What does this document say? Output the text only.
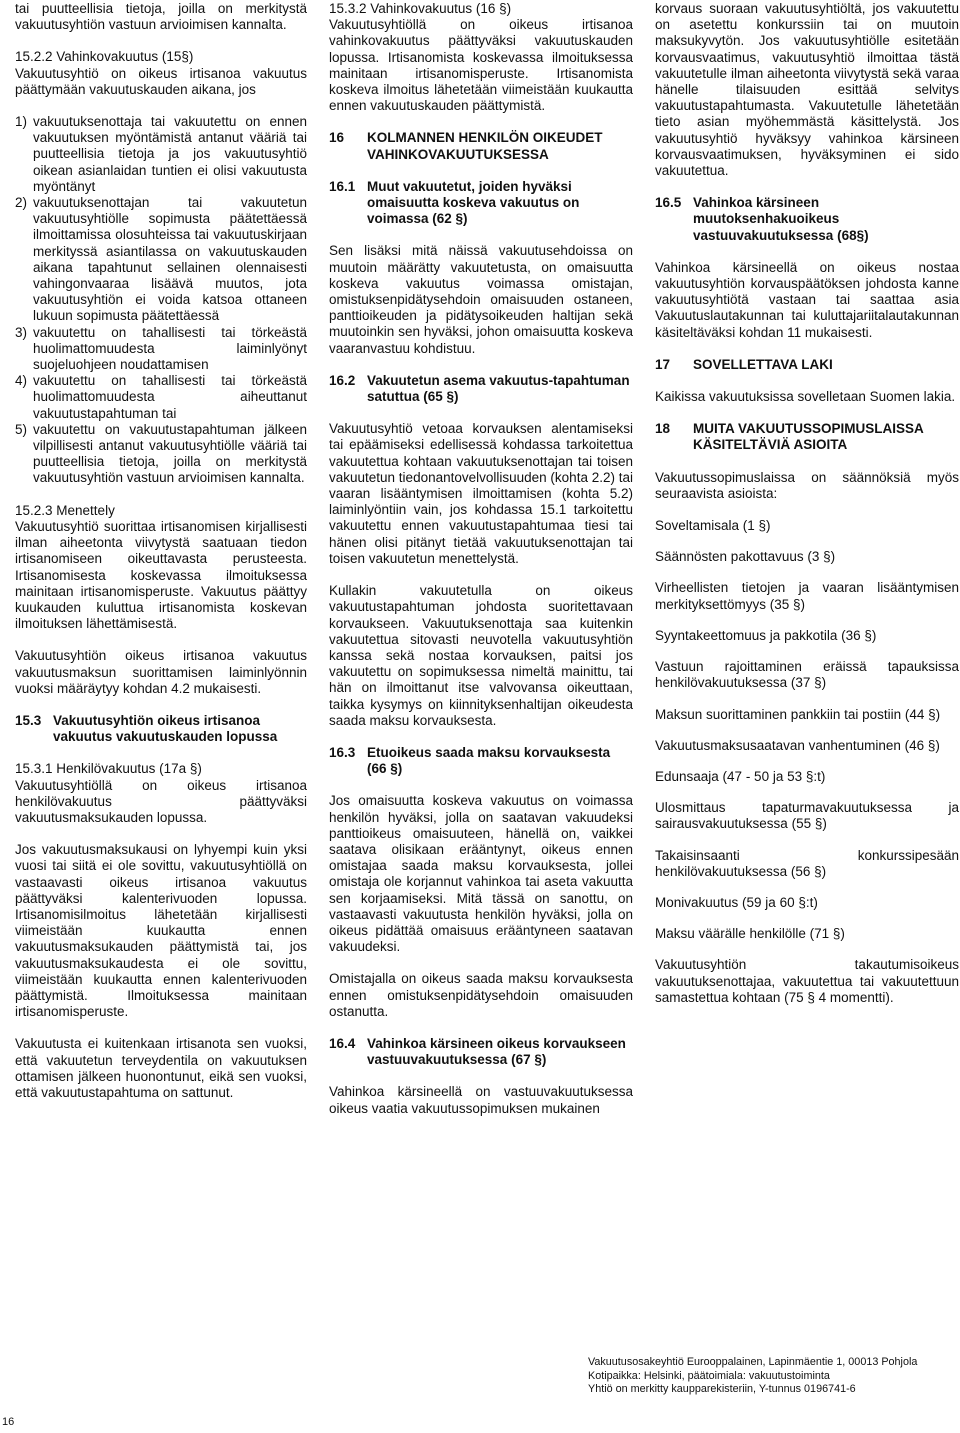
tai puutteellisia tietoja, joilla on merkitystä vakuutusyhtiön vastuun arvioimisen kannalta.

15.2.2 Vahinkovakuutus (15§)

Vakuutusyhtiö on oikeus irtisanoa vakuutus päättymään vakuutuskauden aikana, jos

1) vakuutuksenottaja tai vakuutettu on ennen vakuutuksen myöntämistä antanut vääriä tai puutteellisia tietoja ja jos vakuutusyhtiö oikean asianlaidan tuntien ei olisi vakuutusta myöntänyt
2) vakuutuksenottajan tai vakuutetun vakuutusyhtiölle sopimusta päätettäessä ilmoittamissa olosuhteissa tai vakuutuskirjaan merkityssä asiantilassa on vakuutuskauden aikana tapahtunut sellainen olennaisesti vahingonvaaraa lisäävä muutos, jota vakuutusyhtiön ei voida katsoa ottaneen lukuun sopimusta päätettäessä
3) vakuutettu on tahallisesti tai törkeästä huolimattomuudesta laiminlyönyt suojeluohjeen noudattamisen
4) vakuutettu on tahallisesti tai törkeästä huolimattomuudesta aiheuttanut vakuutustapahtuman tai
5) vakuutettu on vakuutustapahtuman jälkeen vilpillisesti antanut vakuutusyhtiölle vääriä tai puutteellisia tietoja, joilla on merkitystä vakuutusyhtiön vastuun arvioimisen kannalta.

15.2.3 Menettely

Vakuutusyhtiö suorittaa irtisanomisen kirjallisesti ilman aiheetonta viivytystä saatuaan tiedon irtisanomiseen oikeuttavasta perusteesta. Irtisanomisesta koskevassa ilmoituksessa mainitaan irtisanomisperuste. Vakuutus päättyy kuukauden kuluttua irtisanomista koskevan ilmoituksen lähettämisestä.

Vakuutusyhtiön oikeus irtisanoa vakuutus vakuutusmaksun suorittamisen laiminlyönnin vuoksi määräytyy kohdan 4.2 mukaisesti.

15.3 Vakuutusyhtiön oikeus irtisanoa vakuutus vakuutuskauden lopussa

15.3.1 Henkilövakuutus (17a §)

Vakuutusyhtiöllä on oikeus irtisanoa henkilövakuutus päättyväksi vakuutusmaksukauden lopussa.

Jos vakuutusmaksukausi on lyhyempi kuin yksi vuosi tai siitä ei ole sovittu, vakuutusyhtiöllä on vastaavasti oikeus irtisanoa vakuutus päättyväksi kalenterivuoden lopussa. Irtisanomisilmoitus lähetetään kirjallisesti viimeistään kuukautta ennen vakuutusmaksukauden päättymistä tai, jos vakuutusmaksukaudesta ei ole sovittu, viimeistään kuukautta ennen kalenterivuoden päättymistä. Ilmoituksessa mainitaan irtisanomisperuste.

Vakuutusta ei kuitenkaan irtisanota sen vuoksi, että vakuutetun terveydentila on vakuutuksen ottamisen jälkeen huonontunut, eikä sen vuoksi, että vakuutustapahtuma on sattunut.

15.3.2 Vahinkovakuutus (16 §)

Vakuutusyhtiöllä on oikeus irtisanoa vahinkovakuutus päättyväksi vakuutuskauden lopussa. Irtisanomista koskevassa ilmoituksessa mainitaan irtisanomisperuste. Irtisanomista koskeva ilmoitus lähetetään viimeistään kuukautta ennen vakuutuskauden päättymistä.

16 KOLMANNEN HENKILÖN OIKEUDET VAHINKOVAKUUTUKSESSA
16.1 Muut vakuutetut, joiden hyväksi omaisuutta koskeva vakuutus on voimassa (62 §)

Sen lisäksi mitä näissä vakuutusehdoissa on muutoin määrätty vakuutetusta, on omaisuutta koskeva vakuutus voimassa omistajan, omistuksenpidätysehdoin omaisuuden ostaneen, panttioikeuden ja pidätysoikeuden haltijan sekä muutoinkin sen hyväksi, johon omaisuutta koskeva vaaranvastuu kohdistuu.

16.2 Vakuutetun asema vakuutus-tapahtuman satuttua (65 §)

Vakuutusyhtiö vetoaa korvauksen alentamiseksi tai epäämiseksi edellisessä kohdassa tarkoitettua vakuutettua kohtaan vakuutuksenottajan tai toisen vakuutetun tiedonantovelvollisuuden (kohta 2.2) tai vaaran lisääntymisen ilmoittamisen (kohta 5.2) laiminlyöntiin vain, jos kohdassa 15.1 tarkoitettu vakuutettu ennen vakuutustapahtumaa tiesi tai hänen olisi pitänyt tietää vakuutuksenottajan tai toisen vakuutetun menettelystä.

Kullakin vakuutetulla on oikeus vakuutustapahtuman johdosta suoritettavaan korvaukseen. Vakuutuksenottaja saa kuitenkin vakuutettua sitovasti neuvotella vakuutusyhtiön kanssa sekä nostaa korvauksen, paitsi jos vakuutettu on sopimuksessa nimeltä mainittu, tai hän on ilmoittanut itse valvovansa oikeuttaan, taikka kysymys on kiinnityksenhaltijan oikeudesta saada maksu korvauksesta.

16.3 Etuoikeus saada maksu korvauksesta (66 §)

Jos omaisuutta koskeva vakuutus on voimassa henkilön hyväksi, jolla on saatavan vakuudeksi panttioikeus omaisuuteen, hänellä on, vaikkei saatava olisikaan erääntynyt, oikeus ennen omistajaa saada maksu korvauksesta, jollei omistaja ole korjannut vahinkoa tai aseta vakuutta sen korjaamiseksi. Mitä tässä on sanottu, on vastaavasti vakuutusta henkilön hyväksi, jolla on oikeus pidättää omaisuus erääntyneen saatavan vakuudeksi.

Omistajalla on oikeus saada maksu korvauksesta ennen omistuksenpidätysehdoin omaisuuden ostanutta.

16.4 Vahinkoa kärsineen oikeus korvaukseen vastuuvakuutuksessa (67 §)

Vahinkoa kärsineellä on vastuuvakuutuksessa oikeus vaatia vakuutussopimuksen mukainen

korvaus suoraan vakuutusyhtiöltä, jos vakuutettu on asetettu konkurssiin tai on muutoin maksukyvytön. Jos vakuutusyhtiölle esitetään korvausvaatimus, vakuutusyhtiö ilmoittaa tästä vakuutetulle ilman aiheetonta viivytystä sekä varaa hänelle tilaisuuden esittää selvitys vakuutustapahtumasta. Vakuutetulle lähetetään tieto asian myöhemmästä käsittelystä. Jos vakuutusyhtiö hyväksyy vahinkoa kärsineen korvausvaatimuksen, hyväksyminen ei sido vakuutettua.

16.5 Vahinkoa kärsineen muutoksenhakuoikeus vastuuvakuutuksessa (68§)

Vahinkoa kärsineellä on oikeus nostaa vakuutusyhtiön korvauspäätöksen johdosta kanne vakuutusyhtiötä vastaan tai saattaa asia Vakuutuslautakunnan tai kuluttajariitalautakunnan käsiteltäväksi kohdan 11 mukaisesti.

17 SOVELLETTAVA LAKI

Kaikissa vakuutuksissa sovelletaan Suomen lakia.

18 MUITA VAKUUTUSSOPIMUSLAISSA KÄSITELTÄVIÄ ASIOITA

Vakuutussopimuslaissa on säännöksiä myös seuraavista asioista:

Soveltamisala (1 §)

Säännösten pakottavuus (3 §)

Virheellisten tietojen ja vaaran lisääntymisen merkityksettömyys (35 §)

Syyntakeettomuus ja pakkotila (36 §)

Vastuun rajoittaminen eräissä tapauksissa henkilövakuutuksessa (37 §)

Maksun suorittaminen pankkiin tai postiin (44 §)

Vakuutusmaksusaatavan vanhentuminen (46 §)

Edunsaaja (47 - 50 ja 53 §:t)

Ulosmittaus tapaturmavakuutuksessa ja sairausvakuutuksessa (55 §)

Takaisinsaanti konkurssipesään henkilövakuutuksessa (56 §)

Monivakuutus (59 ja 60 §:t)

Maksu väärälle henkilölle (71 §)

Vakuutusyhtiön takautumisoikeus vakuutuksenottajaa, vakuutettua tai vakuutettuun samastettua kohtaan (75 § 4 momentti).

Vakuutusosakeyhtiö Eurooppalainen, Lapinmäentie 1, 00013 Pohjola
Kotipaikka: Helsinki, päätoimiala: vakuutustoiminta
Yhtiö on merkitty kaupparekisteriin, Y-tunnus 0196741-6
16
